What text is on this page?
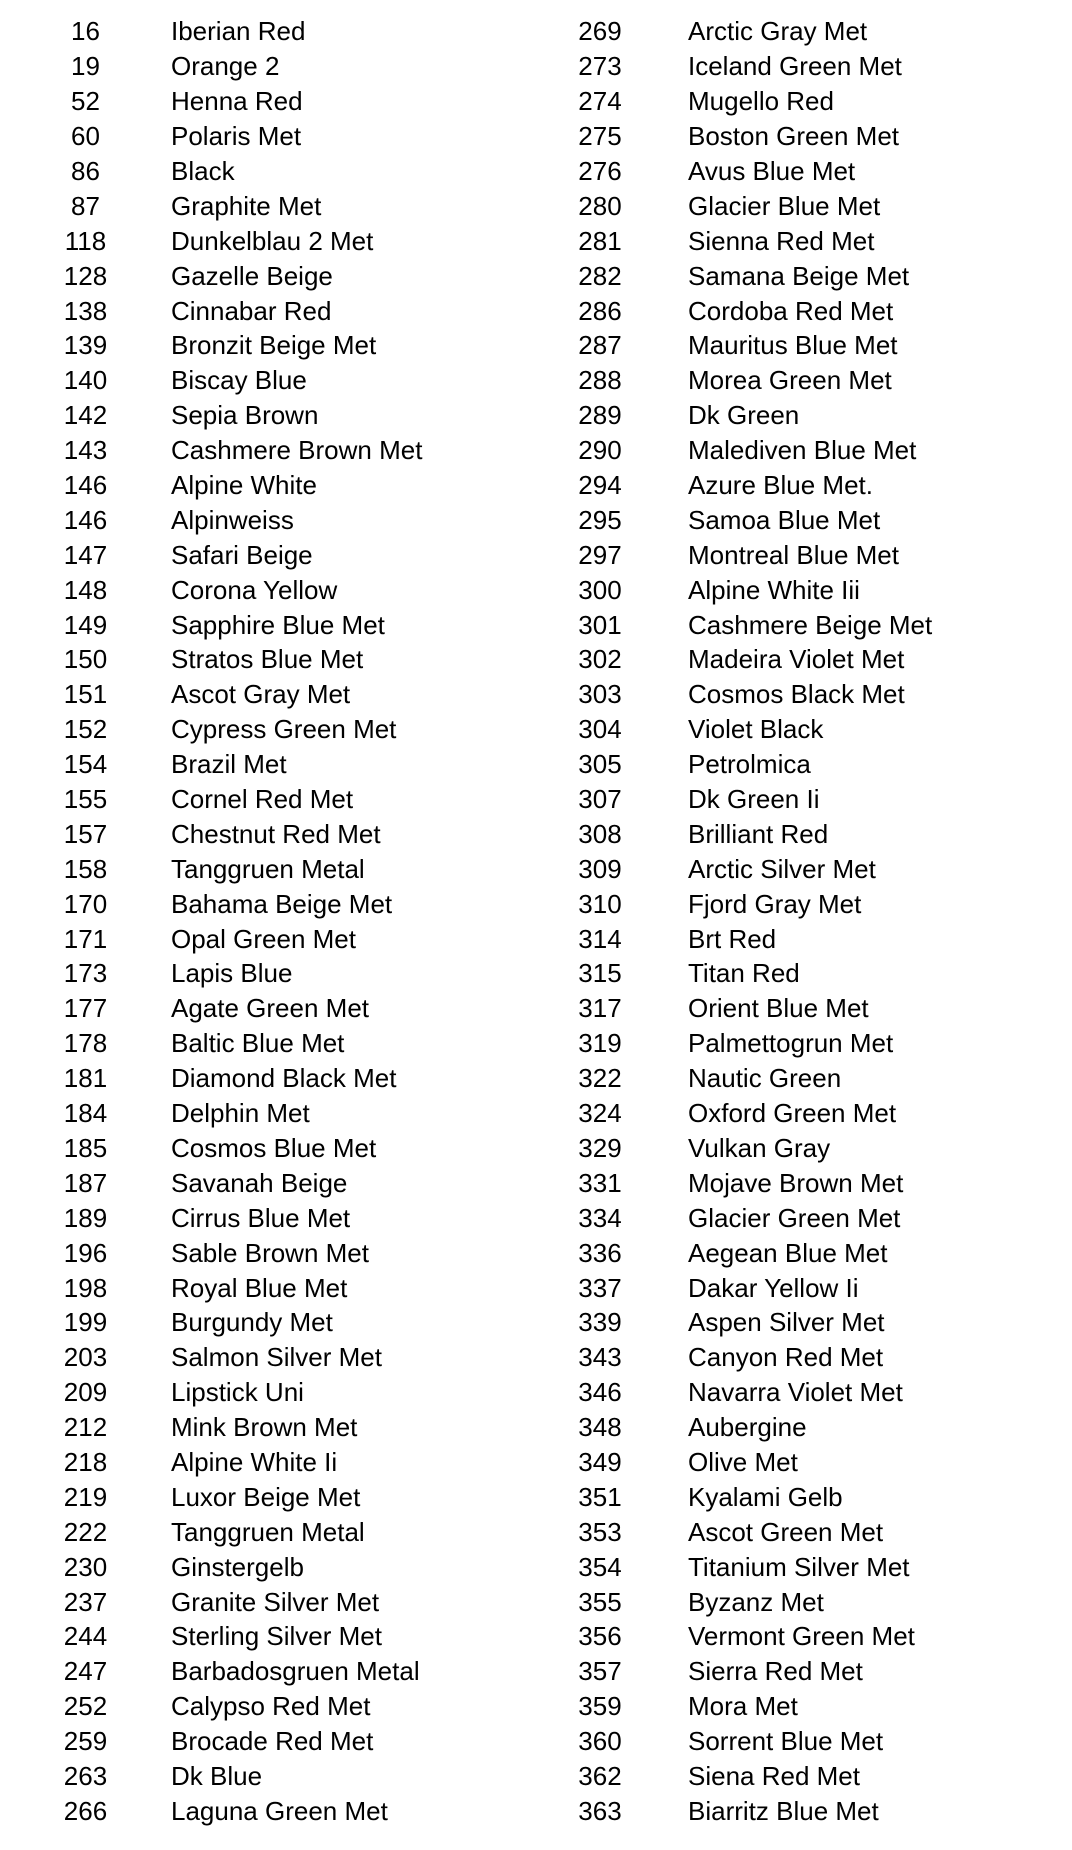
16	Iberian Red
19	Orange 2
52	Henna Red
60	Polaris Met
86	Black
87	Graphite Met
118	Dunkelblau 2 Met
128	Gazelle Beige
138	Cinnabar Red
139	Bronzit Beige Met
140	Biscay Blue
142	Sepia Brown
143	Cashmere Brown Met
146	Alpine White
146	Alpinweiss
147	Safari Beige
148	Corona Yellow
149	Sapphire Blue Met
150	Stratos Blue Met
151	Ascot Gray Met
152	Cypress Green Met
154	Brazil Met
155	Cornel Red Met
157	Chestnut Red Met
158	Tanggruen Metal
170	Bahama Beige Met
171	Opal Green Met
173	Lapis Blue
177	Agate Green Met
178	Baltic Blue Met
181	Diamond Black Met
184	Delphin Met
185	Cosmos Blue Met
187	Savanah Beige
189	Cirrus Blue Met
196	Sable Brown Met
198	Royal Blue Met
199	Burgundy Met
203	Salmon Silver Met
209	Lipstick Uni
212	Mink Brown Met
218	Alpine White Ii
219	Luxor Beige Met
222	Tanggruen Metal
230	Ginstergelb
237	Granite Silver Met
244	Sterling Silver Met
247	Barbadosgruen Metal
252	Calypso Red Met
259	Brocade Red Met
263	Dk Blue
266	Laguna Green Met
269	Arctic Gray Met
273	Iceland Green Met
274	Mugello Red
275	Boston Green Met
276	Avus Blue Met
280	Glacier Blue Met
281	Sienna Red Met
282	Samana Beige Met
286	Cordoba Red Met
287	Mauritus Blue Met
288	Morea Green Met
289	Dk Green
290	Malediven Blue Met
294	Azure Blue Met.
295	Samoa Blue Met
297	Montreal Blue Met
300	Alpine White Iii
301	Cashmere Beige Met
302	Madeira Violet Met
303	Cosmos Black Met
304	Violet Black
305	Petrolmica
307	Dk Green Ii
308	Brilliant Red
309	Arctic Silver Met
310	Fjord Gray Met
314	Brt Red
315	Titan Red
317	Orient Blue Met
319	Palmettogrun Met
322	Nautic Green
324	Oxford Green Met
329	Vulkan Gray
331	Mojave Brown Met
334	Glacier Green Met
336	Aegean Blue Met
337	Dakar Yellow Ii
339	Aspen Silver Met
343	Canyon Red Met
346	Navarra Violet Met
348	Aubergine
349	Olive Met
351	Kyalami Gelb
353	Ascot Green Met
354	Titanium Silver Met
355	Byzanz Met
356	Vermont Green Met
357	Sierra Red Met
359	Mora Met
360	Sorrent Blue Met
362	Siena Red Met
363	Biarritz Blue Met
